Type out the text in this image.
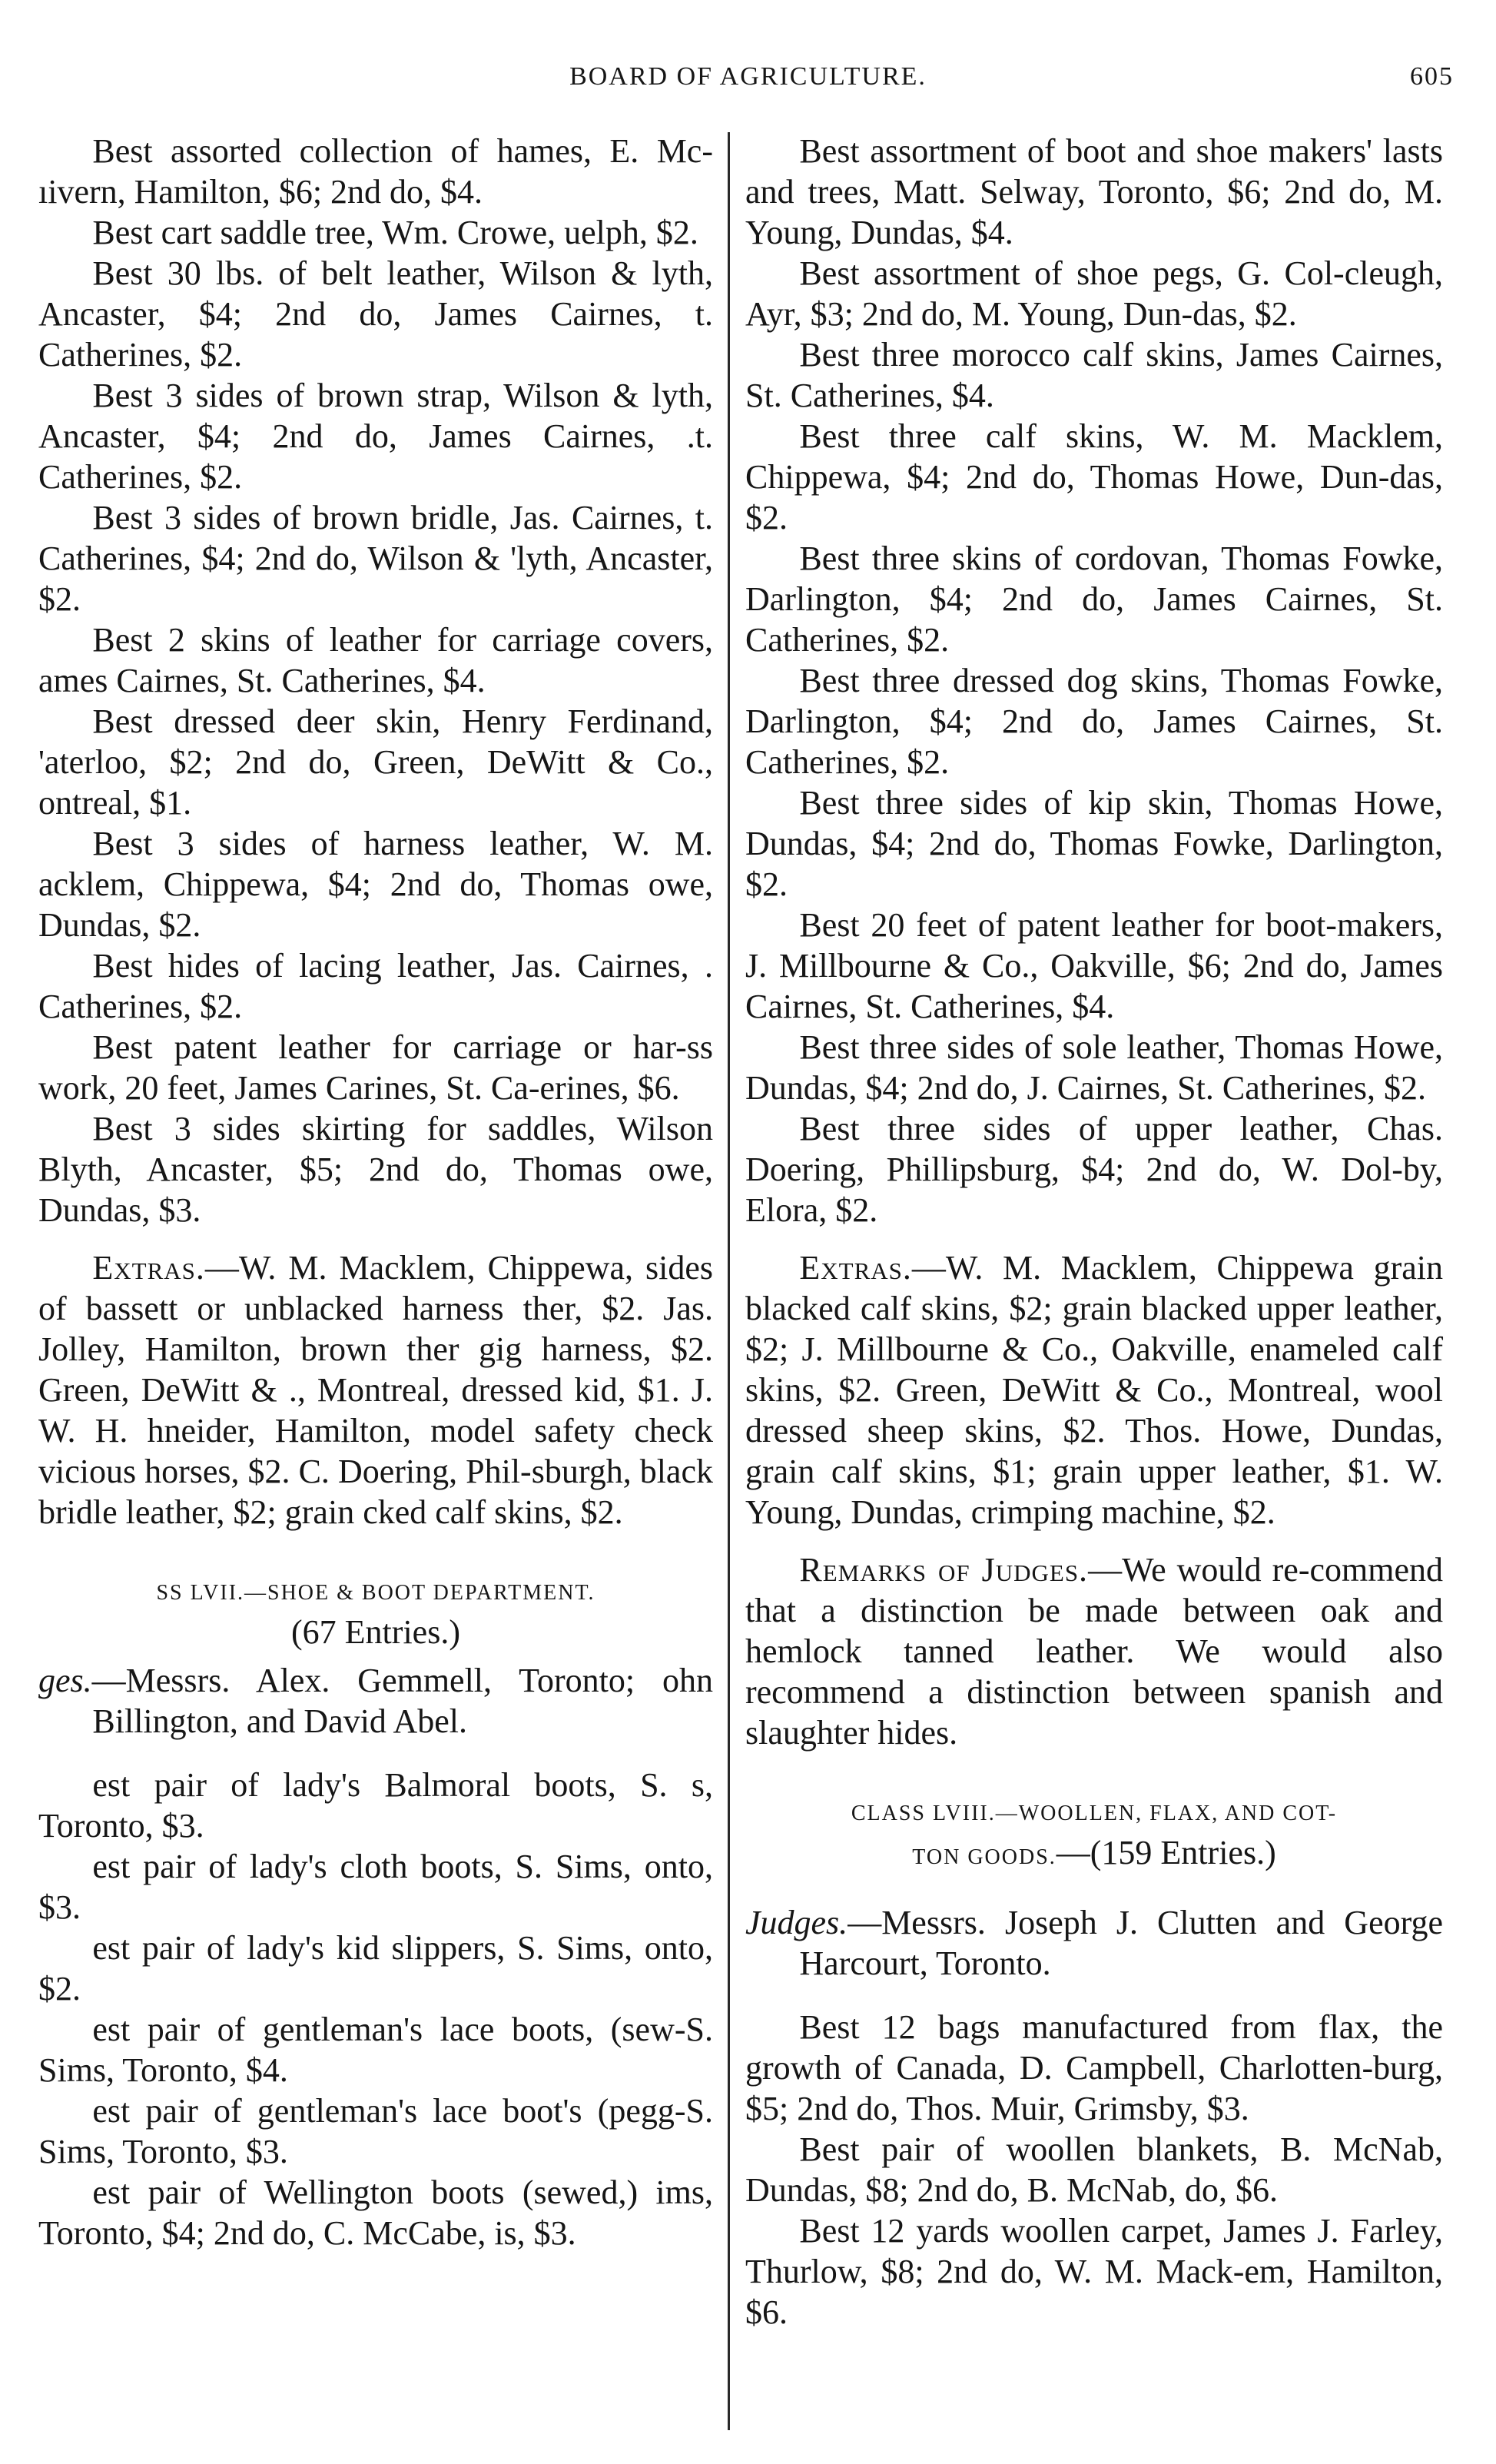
BOARD OF AGRICULTURE.	605

Best assorted collection of hames, E. Mc-ıivern, Hamilton, $6; 2nd do, $4.

Best cart saddle tree, Wm. Crowe, uelph, $2.

Best 30 lbs. of belt leather, Wilson & lyth, Ancaster, $4; 2nd do, James Cairnes, t. Catherines, $2.

Best 3 sides of brown strap, Wilson & lyth, Ancaster, $4; 2nd do, James Cairnes, .t. Catherines, $2.

Best 3 sides of brown bridle, Jas. Cairnes, t. Catherines, $4; 2nd do, Wilson & 'lyth, Ancaster, $2.

Best 2 skins of leather for carriage covers, ames Cairnes, St. Catherines, $4.

Best dressed deer skin, Henry Ferdinand, 'aterloo, $2; 2nd do, Green, DeWitt & Co., ontreal, $1.

Best 3 sides of harness leather, W. M. acklem, Chippewa, $4; 2nd do, Thomas owe, Dundas, $2.

Best hides of lacing leather, Jas. Cairnes, . Catherines, $2.

Best patent leather for carriage or har-ss work, 20 feet, James Carines, St. Ca-erines, $6.

Best 3 sides skirting for saddles, Wilson Blyth, Ancaster, $5; 2nd do, Thomas owe, Dundas, $3.

Extras.—W. M. Macklem, Chippewa, sides of bassett or unblacked harness ther, $2. Jas. Jolley, Hamilton, brown ther gig harness, $2. Green, DeWitt & ., Montreal, dressed kid, $1. J. W. H. hneider, Hamilton, model safety check vicious horses, $2. C. Doering, Phil-sburgh, black bridle leather, $2; grain cked calf skins, $2.

SS LVII.—SHOE & BOOT DEPARTMENT.

(67 Entries.)

ges.—Messrs. Alex. Gemmell, Toronto; ohn Billington, and David Abel.

est pair of lady's Balmoral boots, S. s, Toronto, $3.

est pair of lady's cloth boots, S. Sims, onto, $3.

est pair of lady's kid slippers, S. Sims, onto, $2.

est pair of gentleman's lace boots, (sew-S. Sims, Toronto, $4.

est pair of gentleman's lace boot's (pegg-S. Sims, Toronto, $3.

est pair of Wellington boots (sewed,) ims, Toronto, $4; 2nd do, C. McCabe, is, $3.

Best assortment of boot and shoe makers' lasts and trees, Matt. Selway, Toronto, $6; 2nd do, M. Young, Dundas, $4.

Best assortment of shoe pegs, G. Col-cleugh, Ayr, $3; 2nd do, M. Young, Dun-das, $2.

Best three morocco calf skins, James Cairnes, St. Catherines, $4.

Best three calf skins, W. M. Macklem, Chippewa, $4; 2nd do, Thomas Howe, Dun-das, $2.

Best three skins of cordovan, Thomas Fowke, Darlington, $4; 2nd do, James Cairnes, St. Catherines, $2.

Best three dressed dog skins, Thomas Fowke, Darlington, $4; 2nd do, James Cairnes, St. Catherines, $2.

Best three sides of kip skin, Thomas Howe, Dundas, $4; 2nd do, Thomas Fowke, Darlington, $2.

Best 20 feet of patent leather for boot-makers, J. Millbourne & Co., Oakville, $6; 2nd do, James Cairnes, St. Catherines, $4.

Best three sides of sole leather, Thomas Howe, Dundas, $4; 2nd do, J. Cairnes, St. Catherines, $2.

Best three sides of upper leather, Chas. Doering, Phillipsburg, $4; 2nd do, W. Dol-by, Elora, $2.

Extras.—W. M. Macklem, Chippewa grain blacked calf skins, $2; grain blacked upper leather, $2; J. Millbourne & Co., Oakville, enameled calf skins, $2. Green, DeWitt & Co., Montreal, wool dressed sheep skins, $2. Thos. Howe, Dundas, grain calf skins, $1; grain upper leather, $1. W. Young, Dundas, crimping machine, $2.

Remarks of Judges.—We would re-commend that a distinction be made between oak and hemlock tanned leather. We would also recommend a distinction between spanish and slaughter hides.

CLASS LVIII.—WOOLLEN, FLAX, AND COT-

TON GOODS.—(159 Entries.)

Judges.—Messrs. Joseph J. Clutten and George Harcourt, Toronto.

Best 12 bags manufactured from flax, the growth of Canada, D. Campbell, Charlotten-burg, $5; 2nd do, Thos. Muir, Grimsby, $3.

Best pair of woollen blankets, B. McNab, Dundas, $8; 2nd do, B. McNab, do, $6.

Best 12 yards woollen carpet, James J. Farley, Thurlow, $8; 2nd do, W. M. Mack-em, Hamilton, $6.
